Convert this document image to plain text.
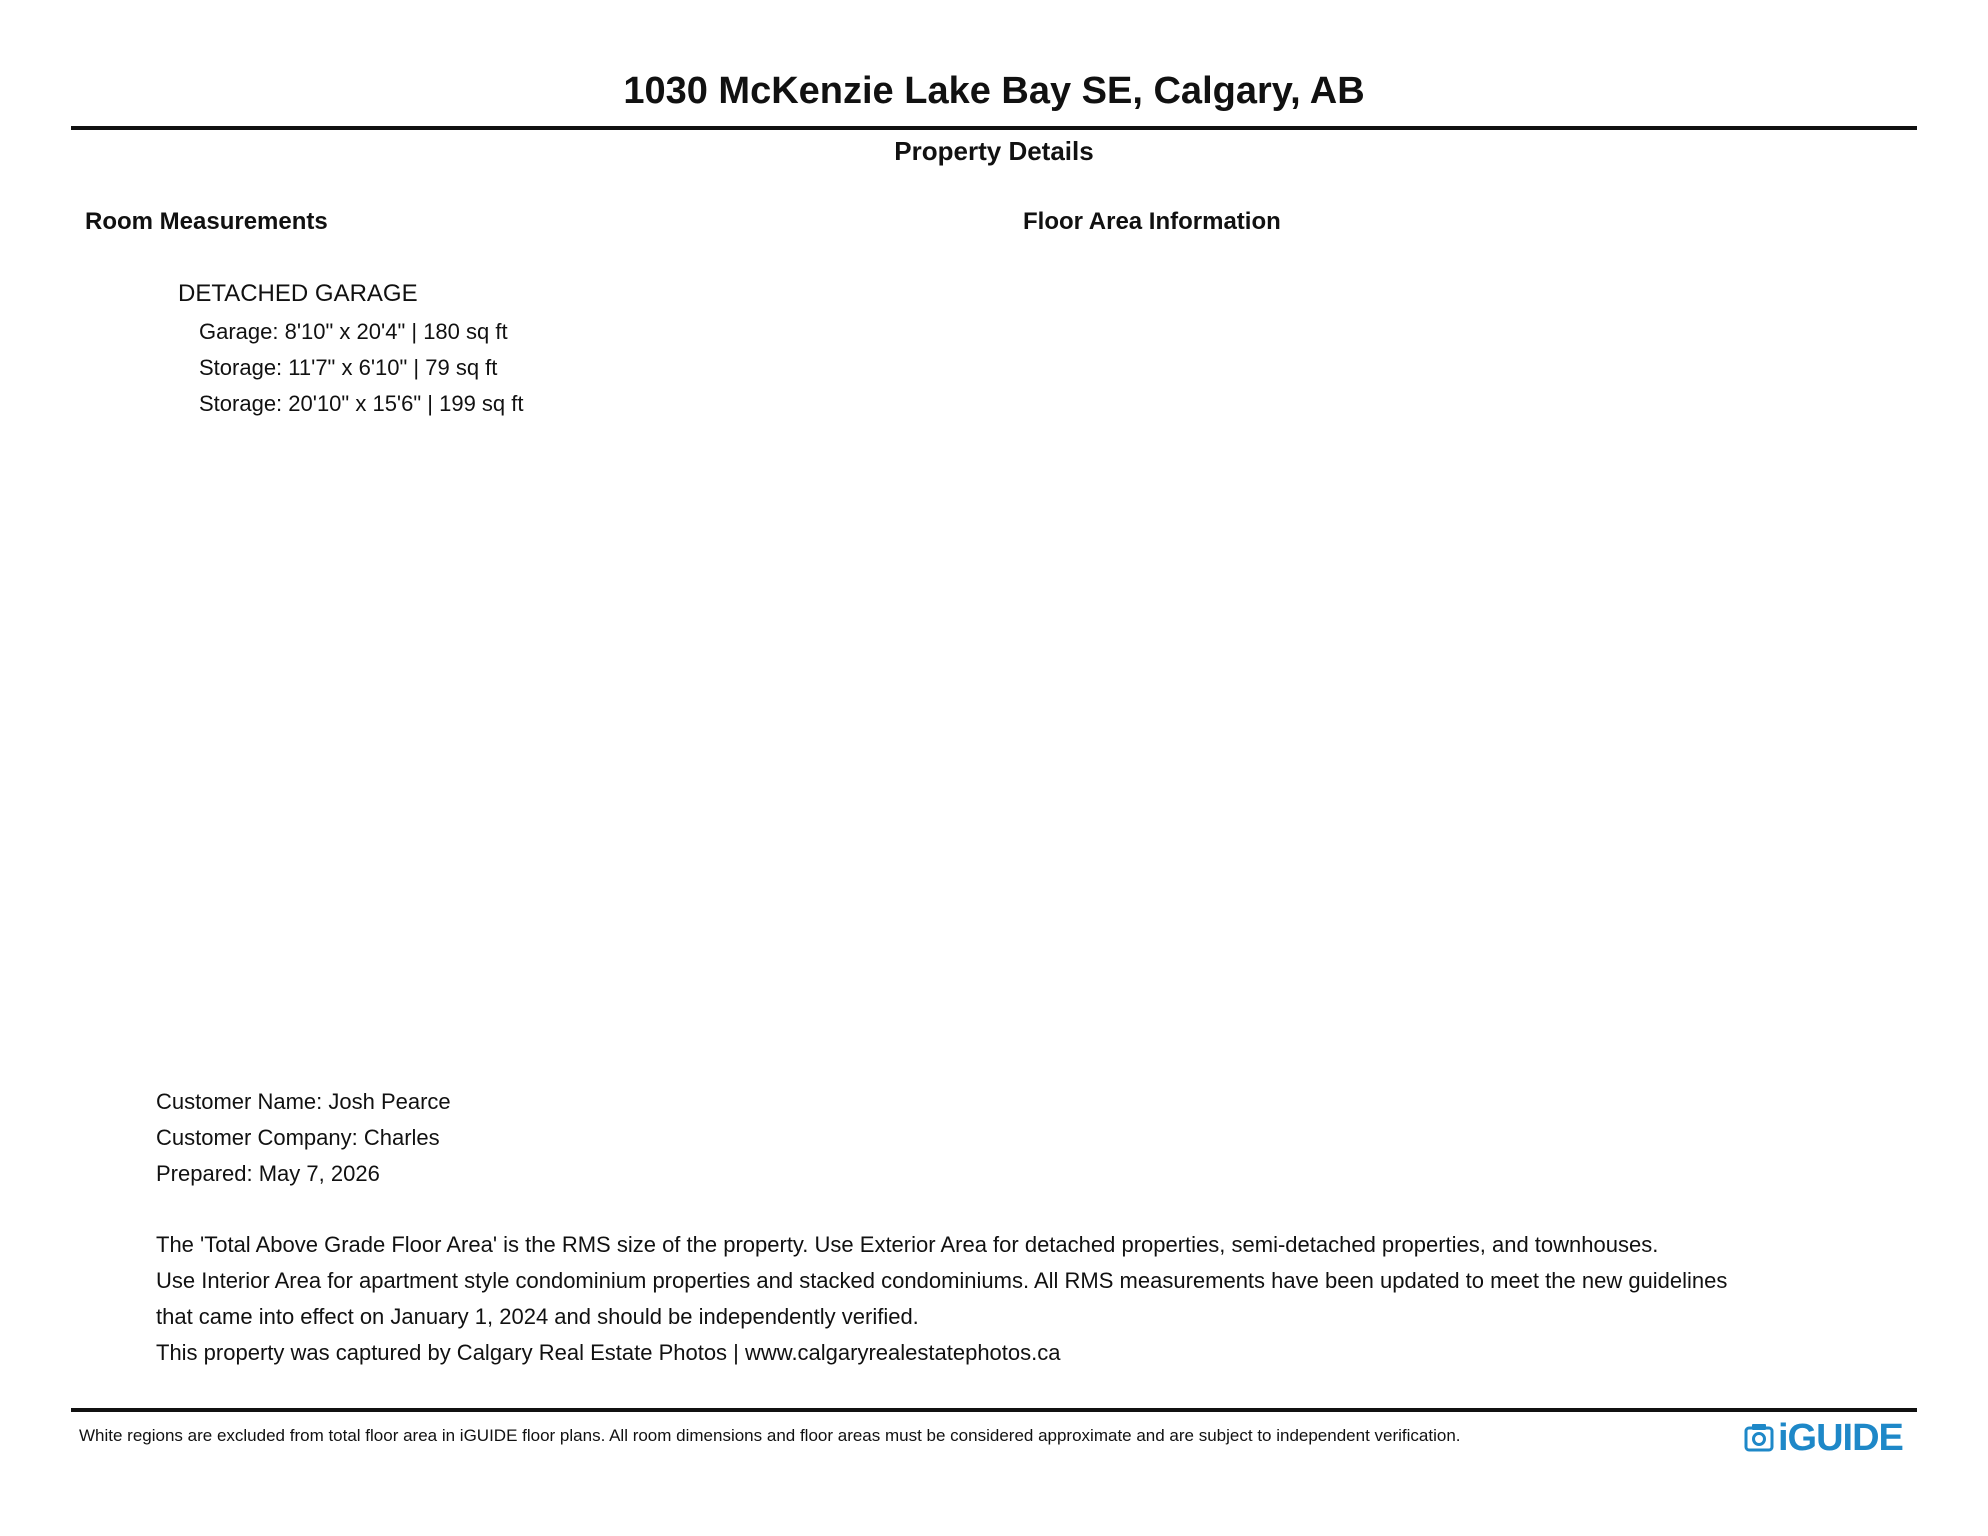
1030 McKenzie Lake Bay SE, Calgary, AB
Property Details
Room Measurements	Floor Area Information
DETACHED GARAGE
Garage: 8'10" x 20'4" | 180 sq ft
Storage: 11'7" x 6'10" | 79 sq ft
Storage: 20'10" x 15'6" | 199 sq ft
Customer Name: Josh Pearce
Customer Company: Charles
Prepared: May 7, 2026
The 'Total Above Grade Floor Area' is the RMS size of the property. Use Exterior Area for detached properties, semi-detached properties, and townhouses.
Use Interior Area for apartment style condominium properties and stacked condominiums. All RMS measurements have been updated to meet the new guidelines
that came into effect on January 1, 2024 and should be independently verified.
This property was captured by Calgary Real Estate Photos | www.calgaryrealestatephotos.ca
White regions are excluded from total floor area in iGUIDE floor plans. All room dimensions and floor areas must be considered approximate and are subject to independent verification.	iGUIDE
